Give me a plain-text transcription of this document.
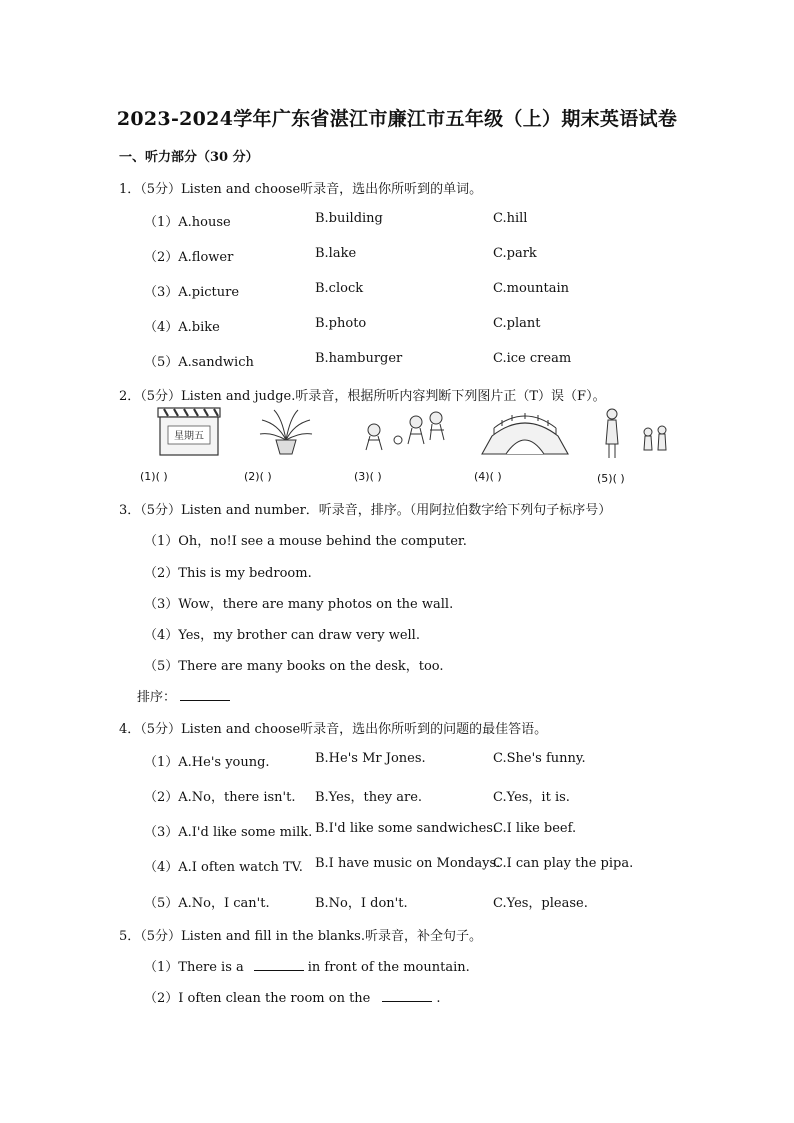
2023-2024学年广东省湛江市廉江市五年级（上）期末英语试卷
一、听力部分（30 分）
1．（5分）Listen and choose听录音，选出你所听到的单词。
（1）A.house	B.building	C.hill
（2）A.flower	B.lake	C.park
（3）A.picture	B.clock	C.mountain
（4）A.bike	B.photo	C.plant
（5）A.sandwich	B.hamburger	C.ice cream
2．（5分）Listen and judge.听录音，根据所听内容判断下列图片正（T）误（F）。
星期五
(1)( )	(2)( )	(3)( )	(4)( )	(5)( )
3．（5分）Listen and number．听录音，排序。（用阿拉伯数字给下列句子标序号）
（1）Oh，no!I see a mouse behind the computer.
（2）This is my bedroom.
（3）Wow，there are many photos on the wall.
（4）Yes，my brother can draw very well.
（5）There are many books on the desk，too.
排序：
4．（5分）Listen and choose听录音，选出你所听到的问题的最佳答语。
（1）A.He's young.	B.He's Mr Jones.	C.She's funny.
（2）A.No，there isn't. B.Yes，they are.	C.Yes，it is.
（3）A.I'd like some milk. B.I'd like some sandwiches.
C.I like beef.
（4）A.I often watch TV. B.I have music on Mondays.
C.I can play the pipa.
（5）A.No，I can't.	B.No，I don't.	C.Yes，please.
5．（5分）Listen and fill in the blanks.听录音，补全句子。
（1）There is a	in front of the mountain.
（2）I often clean the room on the	.
